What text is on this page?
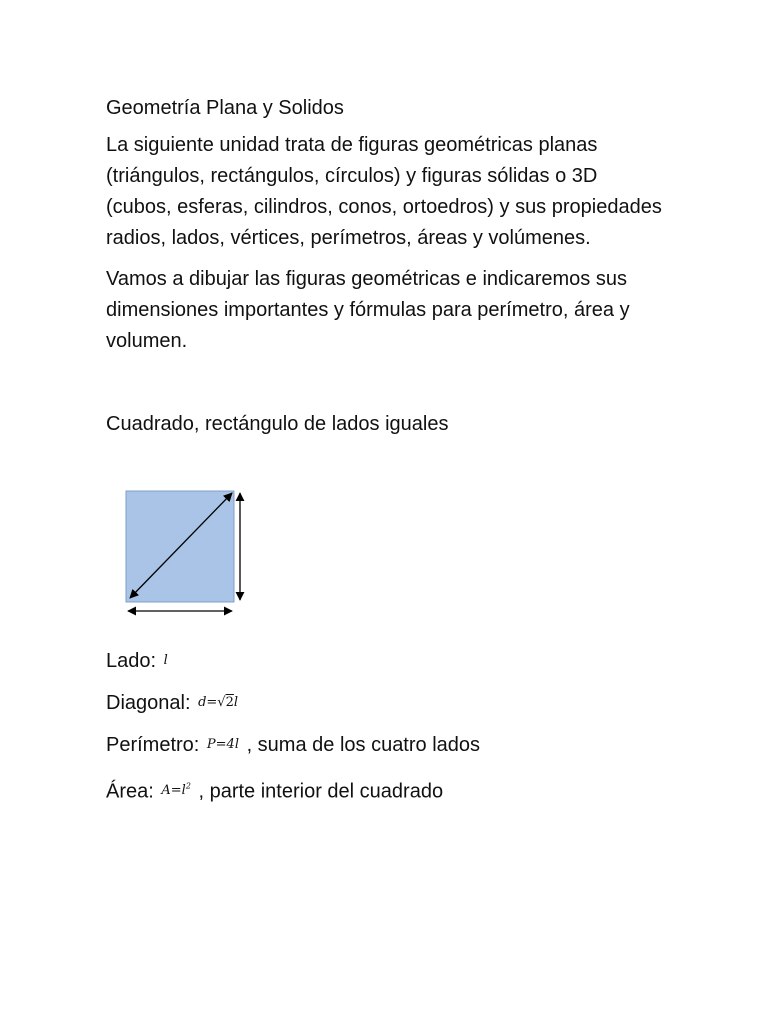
Geometría Plana y Solidos

La siguiente unidad trata de figuras geométricas planas (triángulos, rectángulos, círculos) y figuras sólidas o 3D (cubos, esferas, cilindros, conos, ortoedros) y sus propiedades radios, lados, vértices, perímetros, áreas y volúmenes.

Vamos a dibujar las figuras geométricas e indicaremos sus dimensiones importantes y fórmulas para perímetro, área y volumen.

Cuadrado, rectángulo de lados iguales

Lado: l
Diagonal: d=√2l
Perímetro: P=4l , suma de los cuatro lados
Área: $A=l^2$ , parte interior del cuadrado
